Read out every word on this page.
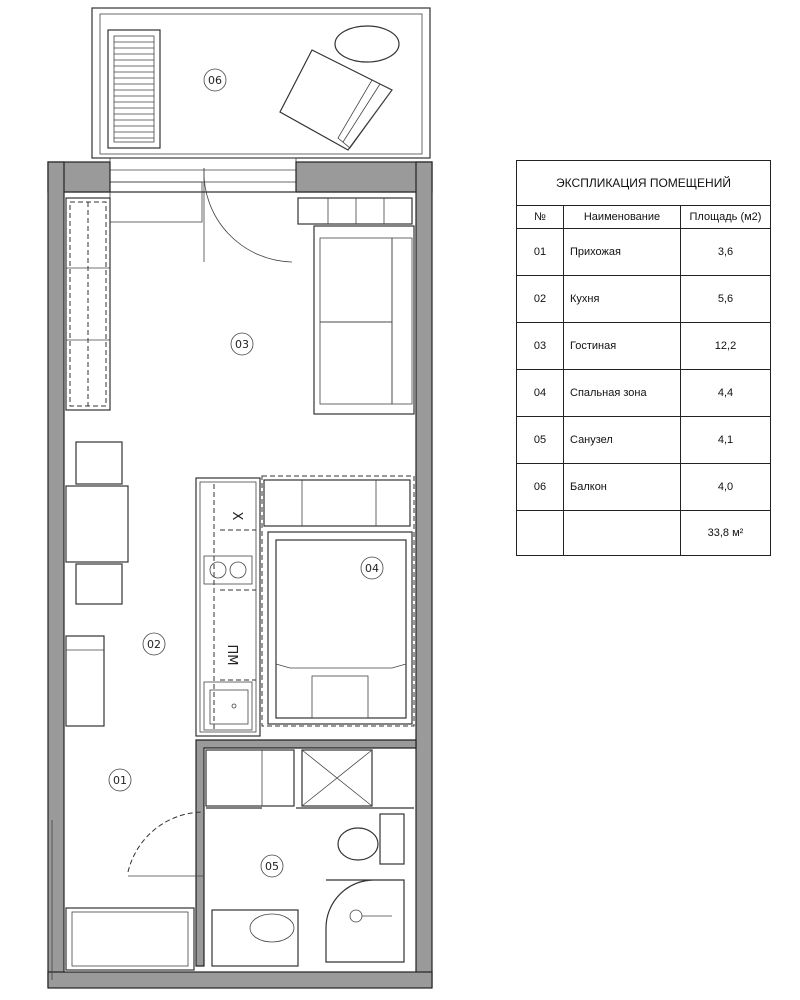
X
ПМ
06
03
04
02
01
05
ЭКСПЛИКАЦИЯ ПОМЕЩЕНИЙ		
№	Наименование	Площадь (м2)
01	Прихожая	3,6
02	Кухня	5,6
03	Гостиная	12,2
04	Спальная зона	4,4
05	Санузел	4,1
06	Балкон	4,0
		33,8 м²
